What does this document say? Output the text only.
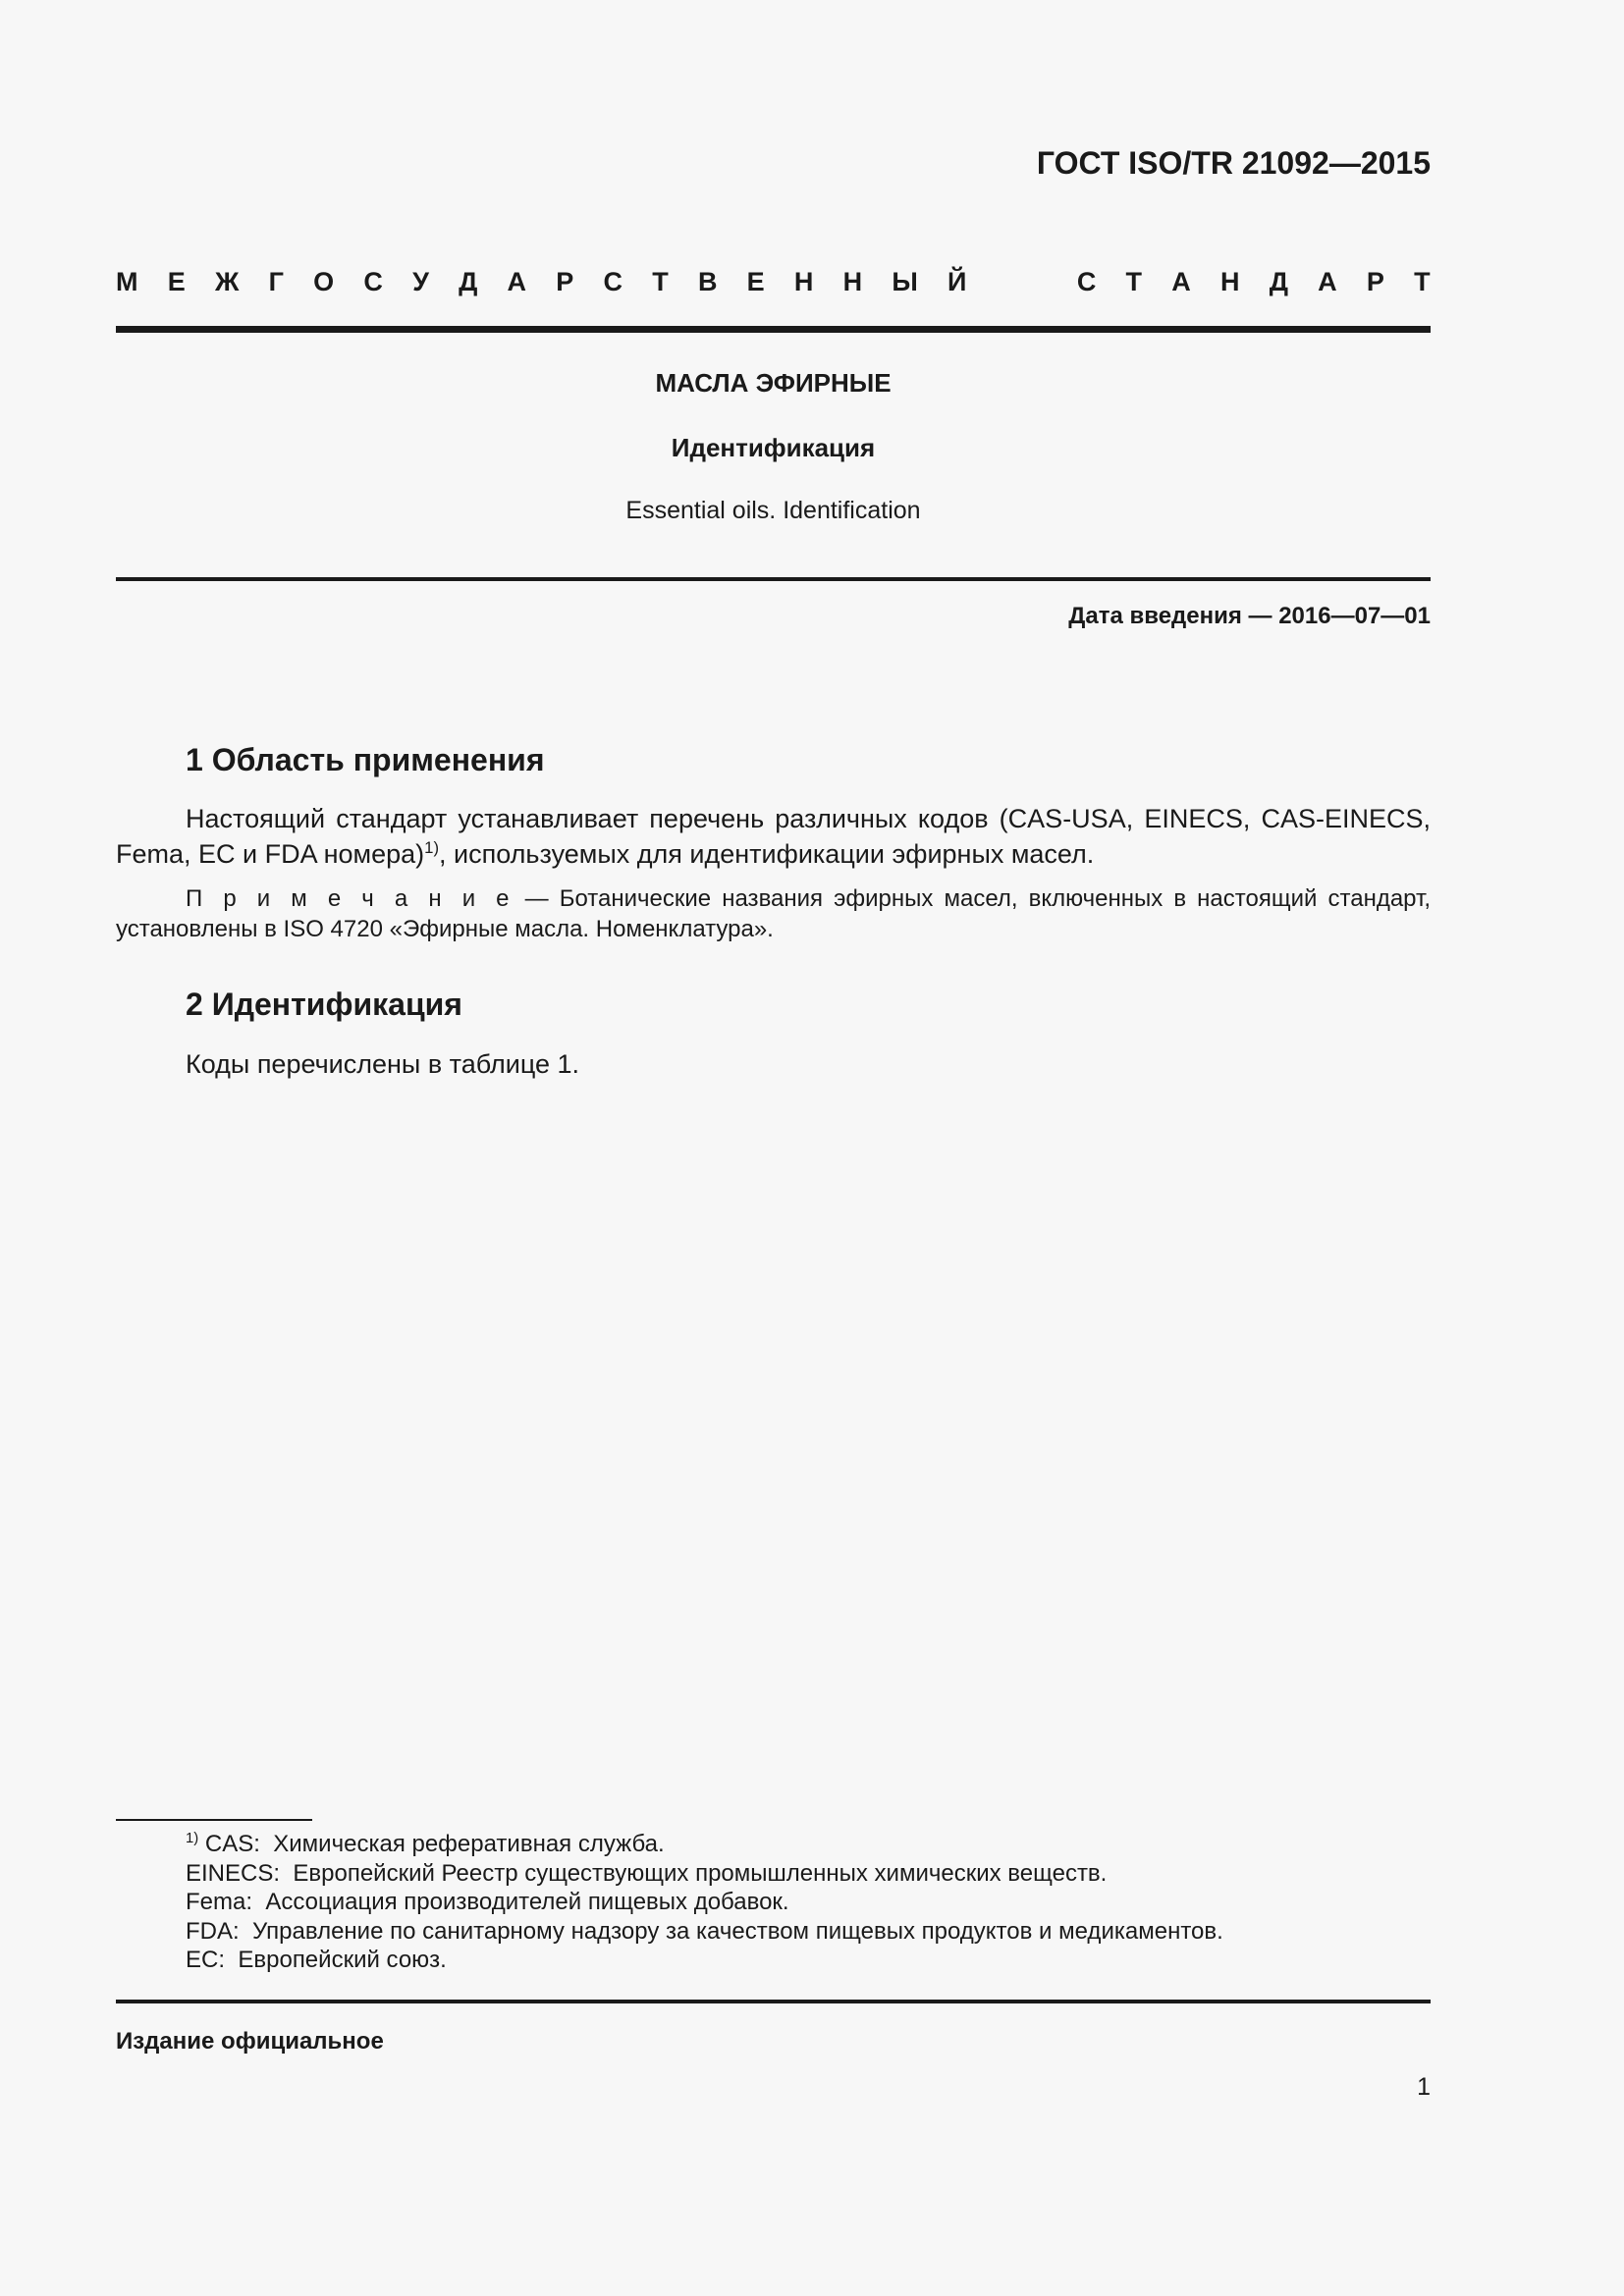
ГОСТ ISO/TR 21092—2015
М Е Ж Г О С У Д А Р С Т В Е Н Н Ы Й	С Т А Н Д А Р Т
МАСЛА ЭФИРНЫЕ
Идентификация
Essential oils. Identification
Дата введения — 2016—07—01
1 Область применения

Настоящий стандарт устанавливает перечень различных кодов (CAS-USA, EINECS, CAS-EINECS, Fema, EC и FDA номера)$^{1)}$, используемых для идентификации эфирных масел.

П р и м е ч а н и е — Ботанические названия эфирных масел, включенных в настоящий стандарт, установлены в ISO 4720 «Эфирные масла. Номенклатура».

2 Идентификация

Коды перечислены в таблице 1.

$^{1)}$ CAS: Химическая реферативная служба.
EINECS: Европейский Реестр существующих промышленных химических веществ.
Fema: Ассоциация производителей пищевых добавок.
FDA: Управление по санитарному надзору за качеством пищевых продуктов и медикаментов.
EC: Европейский союз.
Издание официальное
1
